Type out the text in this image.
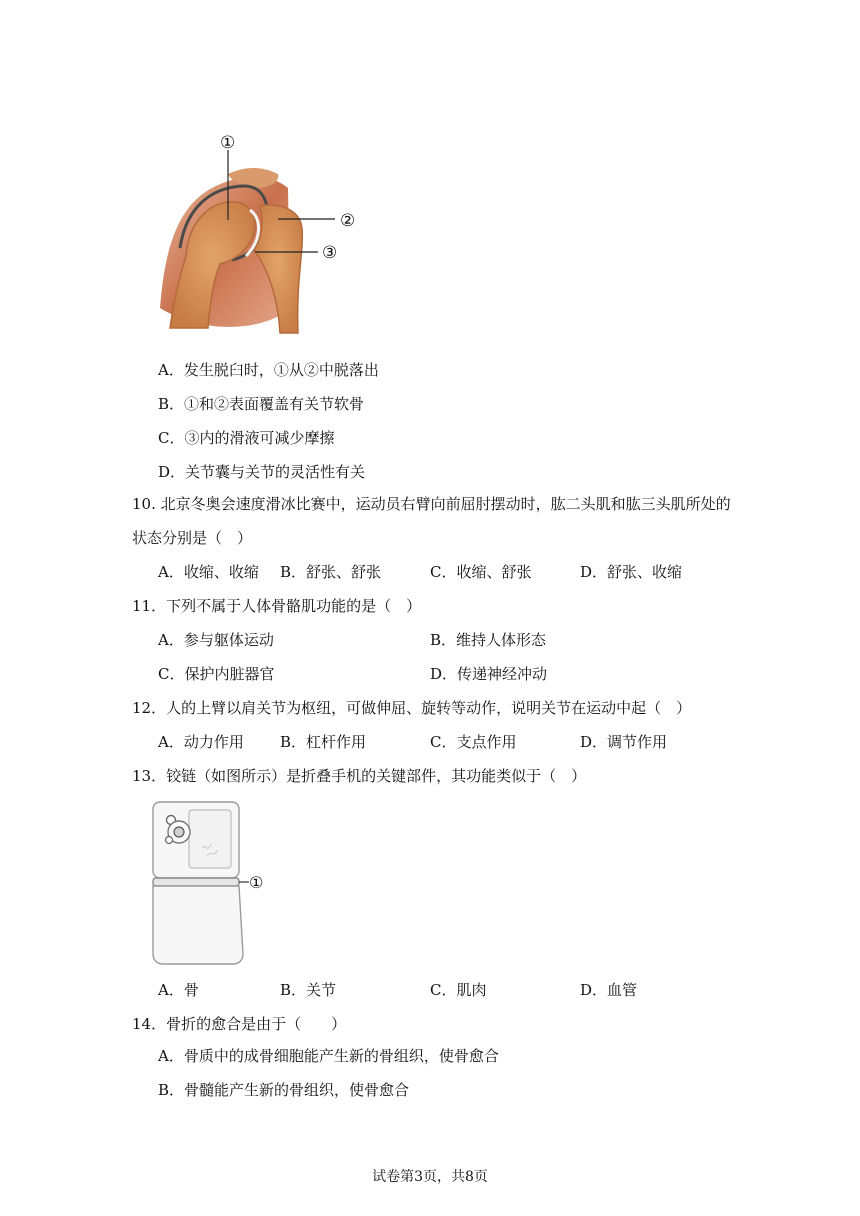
①
②
③
A．发生脱臼时，①从②中脱落出
B．①和②表面覆盖有关节软骨
C．③内的滑液可减少摩擦
D．关节囊与关节的灵活性有关
10. 北京冬奥会速度滑冰比赛中，运动员右臂向前屈肘摆动时，肱二头肌和肱三头肌所处的
状态分别是（　）
A．收缩、收缩 B．舒张、舒张	C．收缩、舒张	D．舒张、收缩
11．下列不属于人体骨骼肌功能的是（　）
A．参与躯体运动	B．维持人体形态
C．保护内脏器官	D．传递神经冲动
12．人的上臂以肩关节为枢纽，可做伸屈、旋转等动作，说明关节在运动中起（　）
A．动力作用 B．杠杆作用	C．支点作用	D．调节作用
13．铰链（如图所示）是折叠手机的关键部件，其功能类似于（　）
①
A．骨	B．关节	C．肌肉	D．血管
14．骨折的愈合是由于（　　）
A．骨质中的成骨细胞能产生新的骨组织，使骨愈合
B．骨髓能产生新的骨组织，使骨愈合
试卷第3页，共8页
